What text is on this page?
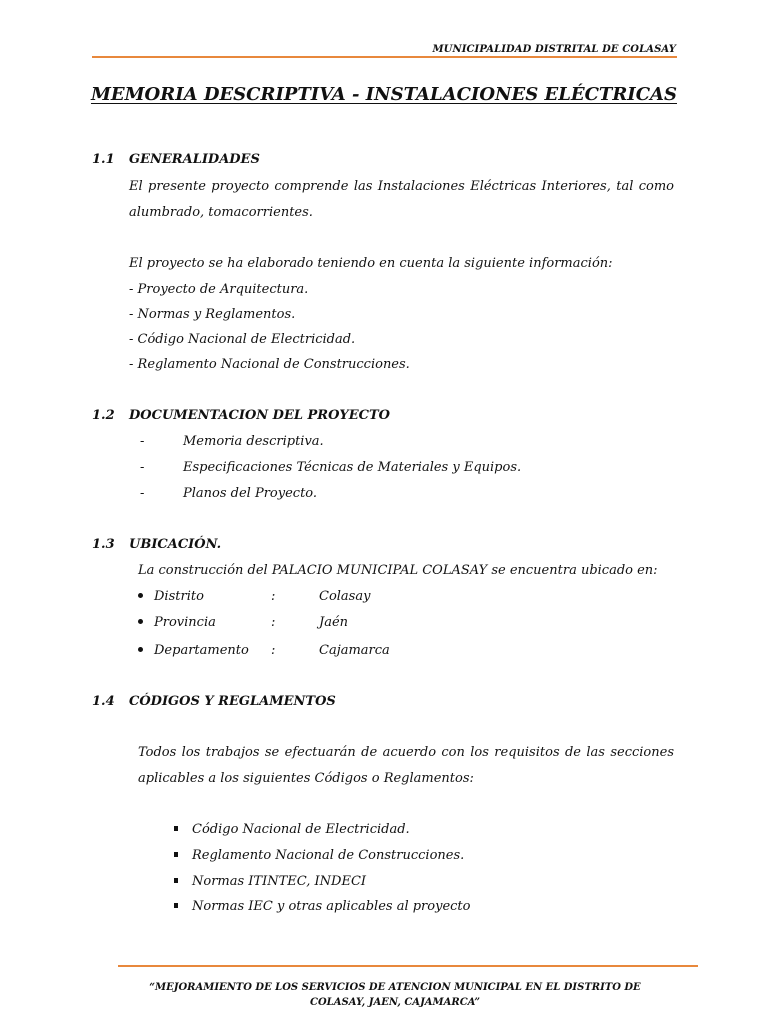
MUNICIPALIDAD DISTRITAL DE COLASAY
MEMORIA DESCRIPTIVA - INSTALACIONES ELÉCTRICAS
1.1 GENERALIDADES
El presente proyecto comprende las Instalaciones Eléctricas Interiores, tal como alumbrado, tomacorrientes.
El proyecto se ha elaborado teniendo en cuenta la siguiente información:
- Proyecto de Arquitectura.
- Normas y Reglamentos.
- Código Nacional de Electricidad.
- Reglamento Nacional de Construcciones.
1.2 DOCUMENTACION DEL PROYECTO
-	Memoria descriptiva.
-	Especificaciones Técnicas de Materiales y Equipos.
-	Planos del Proyecto.
1.3 UBICACIÓN.
La construcción del PALACIO MUNICIPAL COLASAY se encuentra ubicado en:
Distrito	:	Colasay
Provincia	:	Jaén
Departamento :	Cajamarca
1.4 CÓDIGOS Y REGLAMENTOS
Todos los trabajos se efectuarán de acuerdo con los requisitos de las secciones aplicables a los siguientes Códigos o Reglamentos:
Código Nacional de Electricidad.
Reglamento Nacional de Construcciones.
Normas ITINTEC, INDECI
Normas IEC y otras aplicables al proyecto
“MEJORAMIENTO DE LOS SERVICIOS DE ATENCION MUNICIPAL EN EL DISTRITO DE COLASAY, JAEN, CAJAMARCA”
